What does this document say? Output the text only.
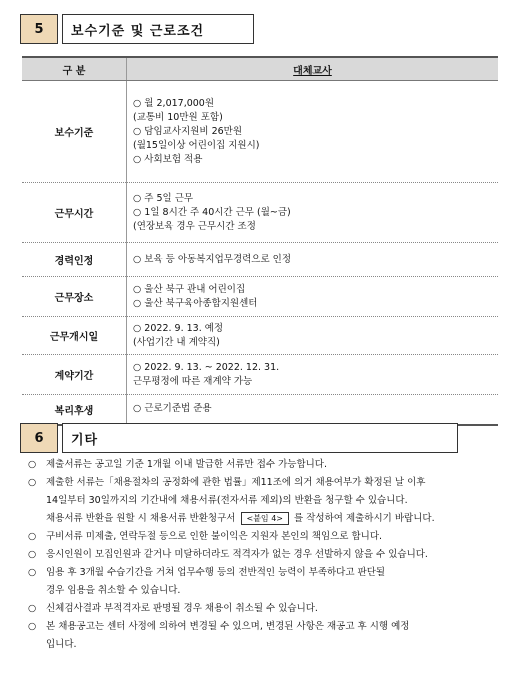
5	보수기준 및 근로조건
구 분	대체교사
보수기준	○ 월 2,017,000원
(교통비 10만원 포함)
○ 담임교사지원비 26만원
(월15일이상 어린이집 지원시)
○ 사회보험 적용

근무시간	○ 주 5일 근무
○ 1일 8시간 주 40시간 근무 (월~금)
(연장보육 경우 근무시간 조정

경력인정	○ 보육 등 아동복지업무경력으로 인정

근무장소	○ 울산 북구 관내 어린이집
○ 울산 북구육아종합지원센터

근무개시일	○ 2022. 9. 13. 예정
(사업기간 내 계약직)

계약기간	○ 2022. 9. 13. ~ 2022. 12. 31.
근무평정에 따른 재계약 가능

복리후생	○ 근로기준법 준용
6	기타
○	제출서류는 공고일 기준 1개월 이내 발급한 서류만 접수 가능합니다.
○	제출한 서류는「채용절차의 공정화에 관한 법률」제11조에 의거 채용여부가 확정된 날 이후
14일부터 30일까지의 기간내에 채용서류(전자서류 제외)의 반환을 청구할 수 있습니다.
채용서류 반환을 원할 시 채용서류 반환청구서 <붙임 4> 를 작성하여 제출하시기 바랍니다.
○	구비서류 미제출, 연락두절 등으로 인한 불이익은 지원자 본인의 책임으로 합니다.
○	응시인원이 모집인원과 같거나 미달하더라도 적격자가 없는 경우 선발하지 않을 수 있습니다.
○	임용 후 3개월 수습기간을 거쳐 업무수행 등의 전반적인 능력이 부족하다고 판단될
경우 임용을 취소할 수 있습니다.
○	신체검사결과 부적격자로 판명될 경우 채용이 취소될 수 있습니다.
○	본 채용공고는 센터 사정에 의하여 변경될 수 있으며, 변경된 사항은 재공고 후 시행 예정
입니다.
